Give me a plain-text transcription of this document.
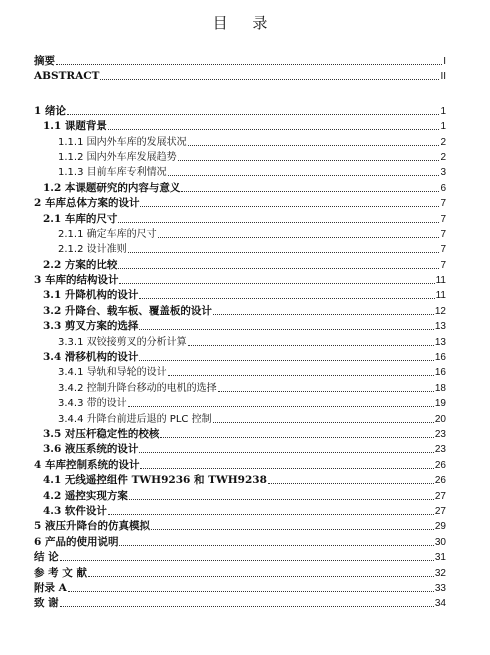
目 录
摘要	I
ABSTRACT	II
1 绪论	1
1.1 课题背景	1
1.1.1 国内外车库的发展状况	2
1.1.2 国内外车库发展趋势	2
1.1.3 目前车库专利情况	3
1.2 本课题研究的内容与意义	6
2 车库总体方案的设计	7
2.1 车库的尺寸	7
2.1.1 确定车库的尺寸	7
2.1.2 设计准则	7
2.2 方案的比较	7
3 车库的结构设计	11
3.1 升降机构的设计	11
3.2 升降台、载车板、覆盖板的设计	12
3.3 剪叉方案的选择	13
3.3.1 双铰接剪叉的分析计算	13
3.4 滑移机构的设计	16
3.4.1 导轨和导轮的设计	16
3.4.2 控制升降台移动的电机的选择	18
3.4.3 带的设计	19
3.4.4 升降台前进后退的 PLC 控制	20
3.5 对压杆稳定性的校核	23
3.6 液压系统的设计	23
4 车库控制系统的设计	26
4.1 无线遥控组件 TWH9236 和 TWH9238	26
4.2 遥控实现方案	27
4.3 软件设计	27
5 液压升降台的仿真模拟	29
6 产品的使用说明	30
结 论	31
参 考 文 献	32
附录 A	33
致 谢	34
